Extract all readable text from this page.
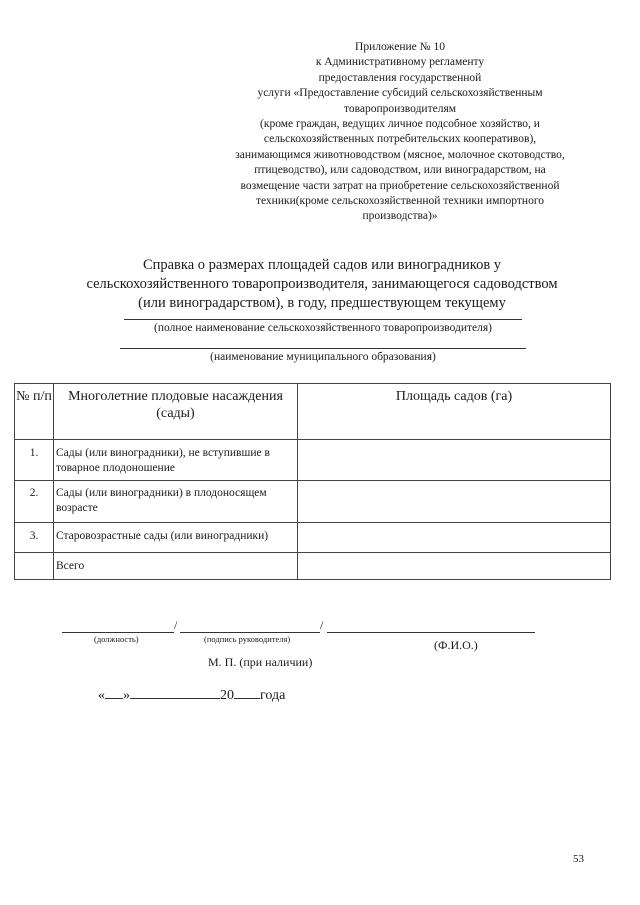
Приложение № 10
к Административному регламенту
предоставления государственной
услуги «Предоставление субсидий сельскохозяйственным
товаропроизводителям
(кроме граждан, ведущих личное подсобное хозяйство, и
сельскохозяйственных потребительских кооперативов),
занимающимся животноводством (мясное, молочное скотоводство,
птицеводство), или садоводством, или виноградарством, на
возмещение части затрат на приобретение сельскохозяйственной
техники(кроме сельскохозяйственной техники импортного
производства)»
Справка о размерах площадей садов или виноградников у
сельскохозяйственного товаропроизводителя, занимающегося садоводством
(или виноградарством), в году, предшествующем текущему
(полное наименование сельскохозяйственного товаропроизводителя)
(наименование муниципального образования)
№ п/п	Многолетние плодовые насаждения (сады)	Площадь садов (га)
1.	Сады (или виноградники), не вступившие в товарное плодоношение	
2.	Сады (или виноградники) в плодоносящем возрасте	
3.	Старовозрастные сады (или виноградники)	
	Всего	
/	/
(должность)	(подпись руководителя)	(Ф.И.О.)
М. П. (при наличии)
« »	20 года
53
